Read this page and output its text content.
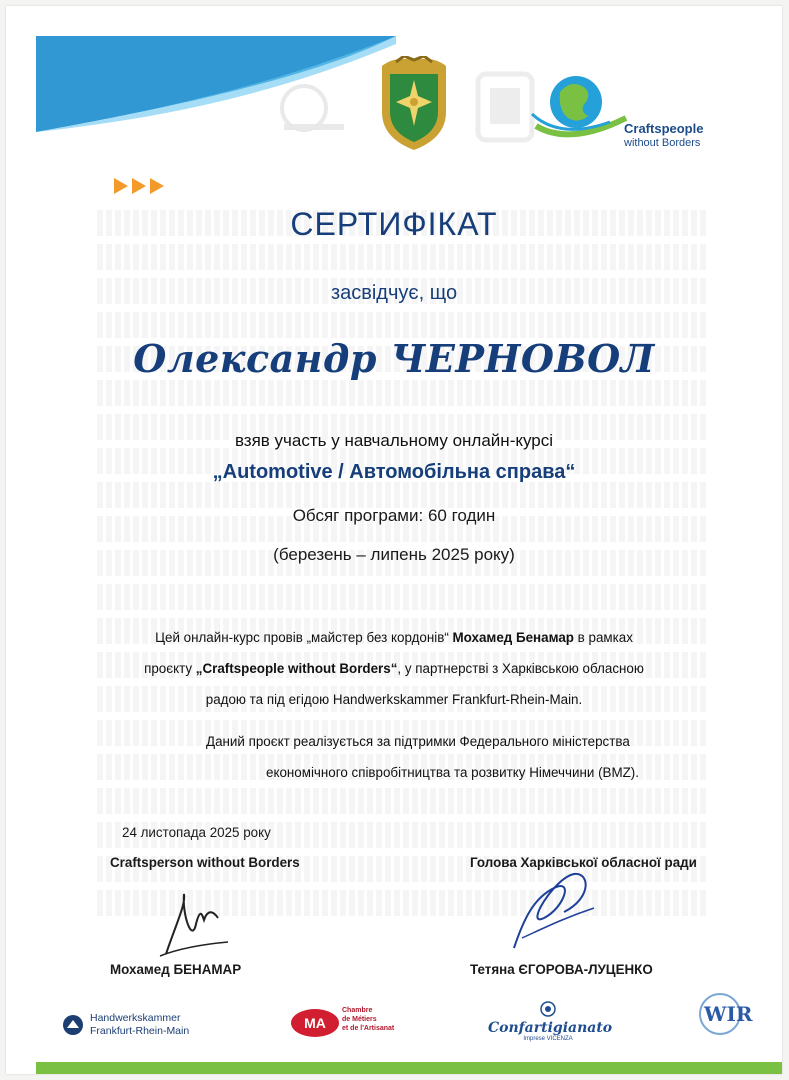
Craftspeople
without Borders
СЕРТИФІКАТ
засвідчує, що
Олександр ЧЕРНОВОЛ
взяв участь у навчальному онлайн-курсі
„Automotive / Автомобільна справа“
Обсяг програми: 60 годин
(березень – липень 2025 року)
Цей онлайн-курс провів „майстер без кордонів“ Мохамед Бенамар в рамках
проєкту „Craftspeople without Borders“, у партнерстві з Харківською обласною
радою та під егідою Handwerkskammer Frankfurt-Rhein-Main.
Даний проєкт реалізується за підтримки Федерального міністерства
економічного співробітництва та розвитку Німеччини (BMZ).
24 листопада 2025 року
Craftsperson without Borders	Голова Харківської обласної ради
Мохамед БЕНАМАР	Тетяна ЄГОРОВА-ЛУЦЕНКО
Handwerkskammer
Frankfurt-Rhein-Main	MA
Chambre
de Métiers
et de l'Artisanat	Confartigianato
Imprese VICENZA
WIR
